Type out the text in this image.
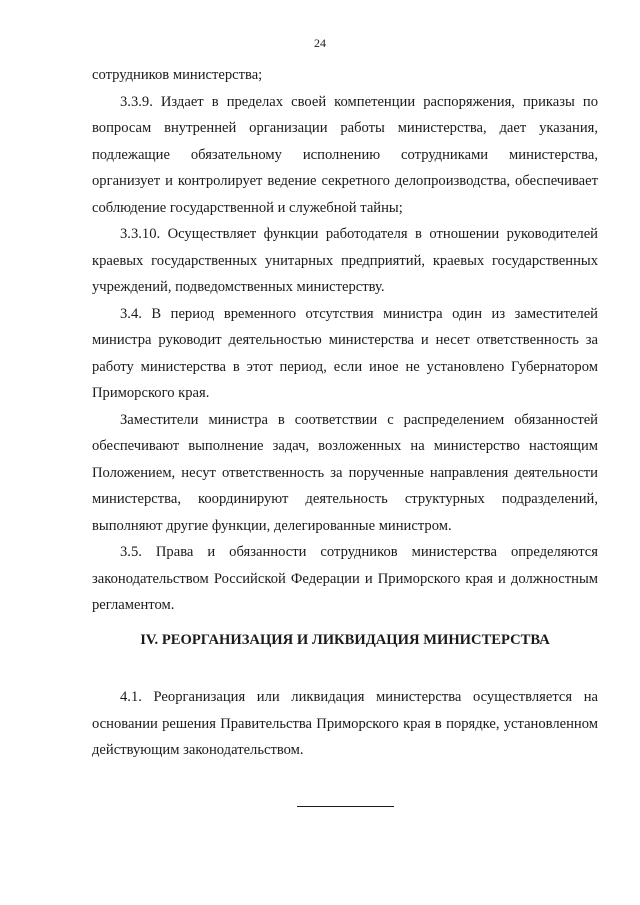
24

сотрудников министерства;

3.3.9. Издает в пределах своей компетенции распоряжения, приказы по вопросам внутренней организации работы министерства, дает указания, подлежащие обязательному исполнению сотрудниками министерства, организует и контролирует ведение секретного делопроизводства, обеспечивает соблюдение государственной и служебной тайны;

3.3.10. Осуществляет функции работодателя в отношении руководителей краевых государственных унитарных предприятий, краевых государственных учреждений, подведомственных министерству.

3.4. В период временного отсутствия министра один из заместителей министра руководит деятельностью министерства и несет ответственность за работу министерства в этот период, если иное не установлено Губернатором Приморского края.

Заместители министра в соответствии с распределением обязанностей обеспечивают выполнение задач, возложенных на министерство настоящим Положением, несут ответственность за порученные направления деятельности министерства, координируют деятельность структурных подразделений, выполняют другие функции, делегированные министром.

3.5. Права и обязанности сотрудников министерства определяются законодательством Российской Федерации и Приморского края и должностным регламентом.

IV. РЕОРГАНИЗАЦИЯ И ЛИКВИДАЦИЯ МИНИСТЕРСТВА

4.1. Реорганизация или ликвидация министерства осуществляется на основании решения Правительства Приморского края в порядке, установленном действующим законодательством.
